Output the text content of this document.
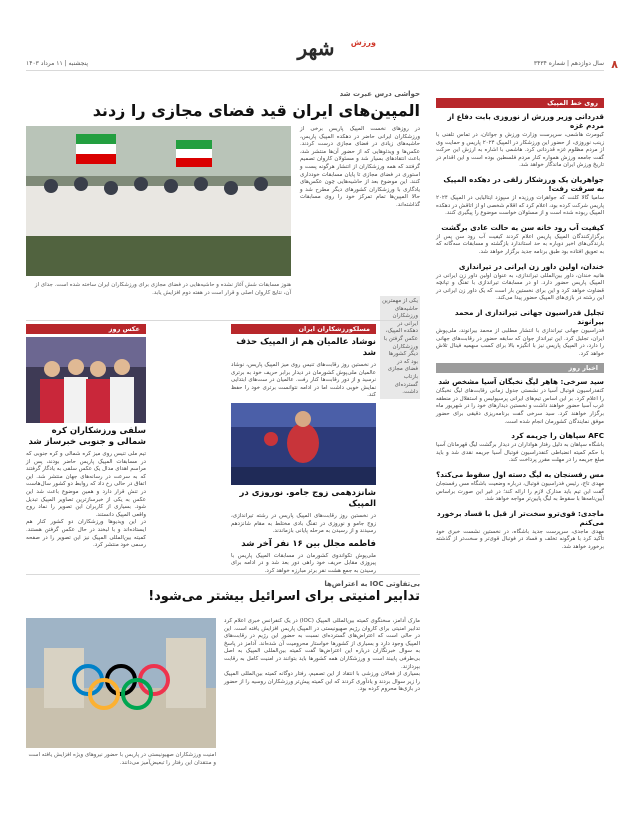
۸
سال دوازدهم | شماره ۳۴۳۴
شهر ورزش
پنجشنبه | ۱۱ مرداد ۱۴۰۳
روی خط المپیک
قدردانی وزیر ورزش از نوروزی بابت دفاع از مردم غزه

کیومرث هاشمی، سرپرست وزارت ورزش و جوانان، در تماس تلفنی با زینب نوروزی، از حضور این ورزشکار در المپیک ۲۰۲۴ پاریس و حمایت وی از مردم مظلوم غزه قدردانی کرد. هاشمی با اشاره به ارزش این حرکت گفت جامعه ورزش همواره کنار مردم فلسطین بوده است و این اقدام در تاریخ ورزش ایران ماندگار خواهد شد.

جواهریان یک ورزشکار زلفی در دهکده المپیک به سرقت رفت!

سامیا گالا کلنت که جواهرات ورزیده از سپوزد ایتالیایی در المپیک ۲۰۲۴ پاریس شرکت کرده بود، اعلام کرد که اقلام شخصی او از اتاقش در دهکده المپیک ربوده شده است و از مسئولان خواست موضوع را پیگیری کنند.

کیفیت آب رود خانه سن به حالت عادی برگشت

برگزارکنندگان المپیک پاریس اعلام کردند کیفیت آب رود سن پس از بارندگی‌های اخیر دوباره به حد استاندارد بازگشته و مسابقات سه‌گانه که به تعویق افتاده بود طبق برنامه جدید برگزار خواهد شد.

خندان، اولین داور زن ایرانی در تیراندازی

هانیه خندان، داور بین‌المللی تیراندازی، به عنوان اولین داور زن ایرانی در المپیک پاریس حضور دارد. او در مسابقات تیراندازی با تفنگ و تپانچه قضاوت خواهد کرد و این برای نخستین بار است که یک داور زن ایرانی در این رشته در بازی‌های المپیک حضور پیدا می‌کند.

تجلیل فدراسیون جهانی تیراندازی از محمد بیرانوند

فدراسیون جهانی تیراندازی با انتشار مطلبی از محمد بیرانوند، ملی‌پوش ایران، تجلیل کرد. این تیرانداز جوان که سابقه حضور در رقابت‌های جهانی را دارد، در المپیک پاریس نیز با انگیزه بالا برای کسب سهمیه فینال تلاش خواهد کرد.

اخبار روز
سید سرخی: هاهر لیگ نخبگان آسیا مشخص شد

کنفدراسیون فوتبال آسیا در نشستی جدول زمانی رقابت‌های لیگ نخبگان را اعلام کرد. بر این اساس تیم‌های ایرانی پرسپولیس و استقلال در منطقه غرب آسیا حضور خواهند داشت و نخستین دیدارهای خود را در شهریور ماه برگزار خواهند کرد. سید سرخی گفت برنامه‌ریزی دقیقی برای حضور موفق نمایندگان کشورمان انجام شده است.

AFC سپاهان را جریمه کرد

باشگاه سپاهان به دلیل رفتار هواداران در دیدار برگشت لیگ قهرمانان آسیا با حکم کمیته انضباطی کنفدراسیون فوتبال آسیا جریمه نقدی شد و باید مبلغ جریمه را در مهلت مقرر پرداخت کند.

مس رفسنجان به لیگ دسته اول سقوط می‌کند؟

مهدی تاج، رئیس فدراسیون فوتبال، درباره وضعیت باشگاه مس رفسنجان گفت این تیم باید مدارک لازم را ارائه کند؛ در غیر این صورت براساس آیین‌نامه‌ها با سقوط به لیگ پایین‌تر مواجه خواهد شد.

ماجدی: قوی‌ترو سخت‌تر از قبل با فساد برخورد می‌کنم

مهدی ماجدی، سرپرست جدید باشگاه، در نخستین نشست خبری خود تأکید کرد با هرگونه تخلف و فساد در فوتبال قوی‌تر و سخت‌تر از گذشته برخورد خواهد شد.

حواشی درس عبرت شد
المپین‌های ایران قید فضای مجازی را زدند

در روزهای نخست المپیک پاریس برخی از ورزشکاران ایرانی حاضر در دهکده المپیک پاریس، حاشیه‌های زیادی در فضای مجازی درست کردند. عکس‌ها و ویدئوهایی که از حضور آن‌ها منتشر شد، باعث انتقادهای بسیار شد و مسئولان کاروان تصمیم گرفتند که همه ورزشکاران از انتشار هرگونه پست و استوری در فضای مجازی تا پایان مسابقات خودداری کنند. این موضوع بعد از حاشیه‌هایی چون عکس‌های یادگاری با ورزشکاران کشورهای دیگر مطرح شد و حالا المپین‌ها تمام تمرکز خود را روی مسابقات گذاشته‌اند.

هنوز مسابقات شش آغاز نشده و حاشیه‌هایی در فضای مجازی برای ورزشکاران ایران ساخته شده است. جدای از آن، نتایج کاروان اصلی و قرار است در هفته دوم افزایش یابد.

یکی از مهمترین حاشیه‌های ورزشکاران ایرانی در دهکده المپیک، عکس گرفتن با ورزشکاران دیگر کشورها بود که در فضای مجازی بازتاب گسترده‌ای داشت.

مسلکورزشکاران ایران
نوشاد عالمیان هم از المپیک حذف شد

در نخستین روز رقابت‌های تنیس روی میز المپیک پاریس، نوشاد عالمیان ملی‌پوش کشورمان در دیدار برابر حریف خود به برتری نرسید و از دور رقابت‌ها کنار رفت. عالمیان در ست‌های ابتدایی نمایش خوبی داشت اما در ادامه نتوانست برتری خود را حفظ کند.

شانزدهمی زوج جامو. نوروزی در المپیک

در نخستین روز رقابت‌های المپیک پاریس در رشته تیراندازی، زوج جامو و نوروزی در تفنگ بادی مختلط به مقام شانزدهم رسیدند و از رسیدن به مرحله پایانی بازماندند.

فاطمه مجلل بین ۱۶ نفر آخر شد

ملی‌پوش تکواندوی کشورمان در مسابقات المپیک پاریس با پیروزی مقابل حریف خود راهی دور بعد شد و در ادامه برای رسیدن به جمع هشت نفر برتر مبارزه خواهد کرد.

عکس روز
سلفی ورزشکاران کره شمالی و جنوبی خبرساز شد

تیم ملی تنیس روی میز کره شمالی و کره جنوبی که در مسابقات المپیک پاریس حاضر بودند، پس از مراسم اهدای مدال یک عکس سلفی به یادگار گرفتند که به سرعت در رسانه‌های جهان منتشر شد. این اتفاق در حالی رخ داد که روابط دو کشور سال‌هاست در تنش قرار دارد و همین موضوع باعث شد این عکس به یکی از خبرسازترین تصاویر المپیک تبدیل شود. بسیاری از کاربران این تصویر را نماد روح واقعی المپیک دانستند.

در این ویدیوها ورزشکاران دو کشور کنار هم ایستاده‌اند و با لبخند در حال عکس گرفتن هستند. کمیته بین‌المللی المپیک نیز این تصویر را در صفحه رسمی خود منتشر کرد.

بی‌تفاوتی IOC به اعتراض‌ها
تدابیر امنیتی برای اسرائیل بیشتر می‌شود!

مارک آدامز، سخنگوی کمیته بین‌المللی المپیک (IOC) در یک کنفرانس خبری اعلام کرد تدابیر امنیتی برای کاروان رژیم صهیونیستی در المپیک پاریس افزایش یافته است. این در حالی است که اعتراض‌های گسترده‌ای نسبت به حضور این رژیم در رقابت‌های المپیک وجود دارد و بسیاری از کشورها خواستار محرومیت آن شده‌اند. آدامز در پاسخ به سوال خبرنگاران درباره این اعتراض‌ها گفت کمیته بین‌المللی المپیک به اصل بی‌طرفی پایبند است و ورزشکاران همه کشورها باید بتوانند در امنیت کامل به رقابت بپردازند.

بسیاری از فعالان ورزشی با انتقاد از این تصمیم، رفتار دوگانه کمیته بین‌المللی المپیک را زیر سوال بردند و یادآوری کردند که این کمیته پیش‌تر ورزشکاران روسیه را از حضور در بازی‌ها محروم کرده بود.

امنیت ورزشکاران صهیونیستی در پاریس با حضور نیروهای ویژه افزایش یافته است و منتقدان این رفتار را تبعیض‌آمیز می‌دانند.
